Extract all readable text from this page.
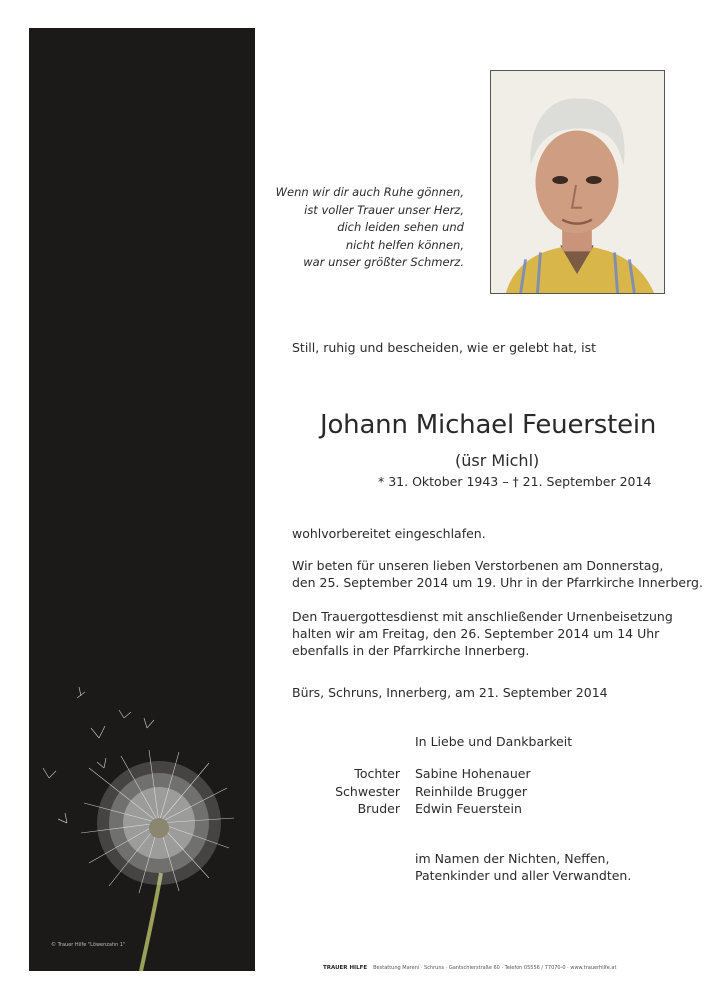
© Trauer Hilfe "Löwenzahn 1"
Wenn wir dir auch Ruhe gönnen,
ist voller Trauer unser Herz,
dich leiden sehen und
nicht helfen können,
war unser größter Schmerz.
Still, ruhig und bescheiden, wie er gelebt hat, ist
Johann Michael Feuerstein
(üsr Michl)
* 31. Oktober 1943 – † 21. September 2014
wohlvorbereitet eingeschlafen.
Wir beten für unseren lieben Verstorbenen am Donnerstag,
den 25. September 2014 um 19. Uhr in der Pfarrkirche Innerberg.
Den Trauergottesdienst mit anschließender Urnenbeisetzung
halten wir am Freitag, den 26. September 2014 um 14 Uhr
ebenfalls in der Pfarrkirche Innerberg.
Bürs, Schruns, Innerberg, am 21. September 2014
In Liebe und Dankbarkeit
Tochter Sabine Hohenauer
Schwester Reinhilde Brugger
Bruder Edwin Feuerstein
im Namen der Nichten, Neffen,
Patenkinder und aller Verwandten.
TRAUER HILFE Bestattung Mareni · Schruns · Gantschierstraße 60 · Telefon 05556 / 77070-0 · www.trauerhilfe.at
